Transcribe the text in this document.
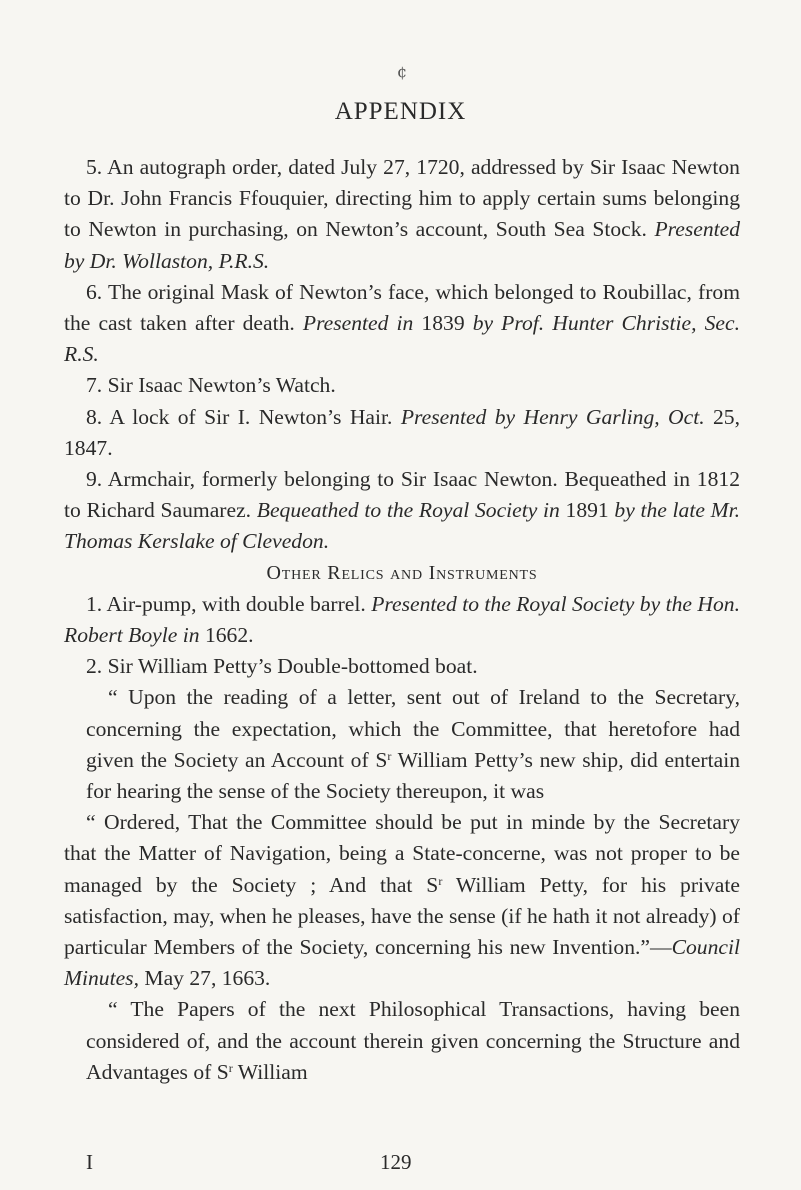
¢
APPENDIX

5. An autograph order, dated July 27, 1720, addressed by Sir Isaac Newton to Dr. John Francis Ffouquier, directing him to apply certain sums belonging to Newton in purchasing, on Newton’s account, South Sea Stock. Presented by Dr. Wollaston, P.R.S.

6. The original Mask of Newton’s face, which belonged to Roubillac, from the cast taken after death. Presented in 1839 by Prof. Hunter Christie, Sec. R.S.

7. Sir Isaac Newton’s Watch.

8. A lock of Sir I. Newton’s Hair. Presented by Henry Garling, Oct. 25, 1847.

9. Armchair, formerly belonging to Sir Isaac Newton. Bequeathed in 1812 to Richard Saumarez. Bequeathed to the Royal Society in 1891 by the late Mr. Thomas Kerslake of Clevedon.

Other Relics and Instruments

1. Air-pump, with double barrel. Presented to the Royal Society by the Hon. Robert Boyle in 1662.

2. Sir William Petty’s Double-bottomed boat.

“ Upon the reading of a letter, sent out of Ireland to the Secretary, concerning the expectation, which the Committee, that heretofore had given the Society an Account of $S^r$ William Petty’s new ship, did entertain for hearing the sense of the Society thereupon, it was

“ Ordered, That the Committee should be put in minde by the Secretary that the Matter of Navigation, being a State-concerne, was not proper to be managed by the Society ; And that $S^r$ William Petty, for his private satisfaction, may, when he pleases, have the sense (if he hath it not already) of particular Members of the Society, concerning his new Invention.”—Council Minutes, May 27, 1663.

“ The Papers of the next Philosophical Transactions, having been considered of, and the account therein given concerning the Structure and Advantages of $S^r$ William

I	129
